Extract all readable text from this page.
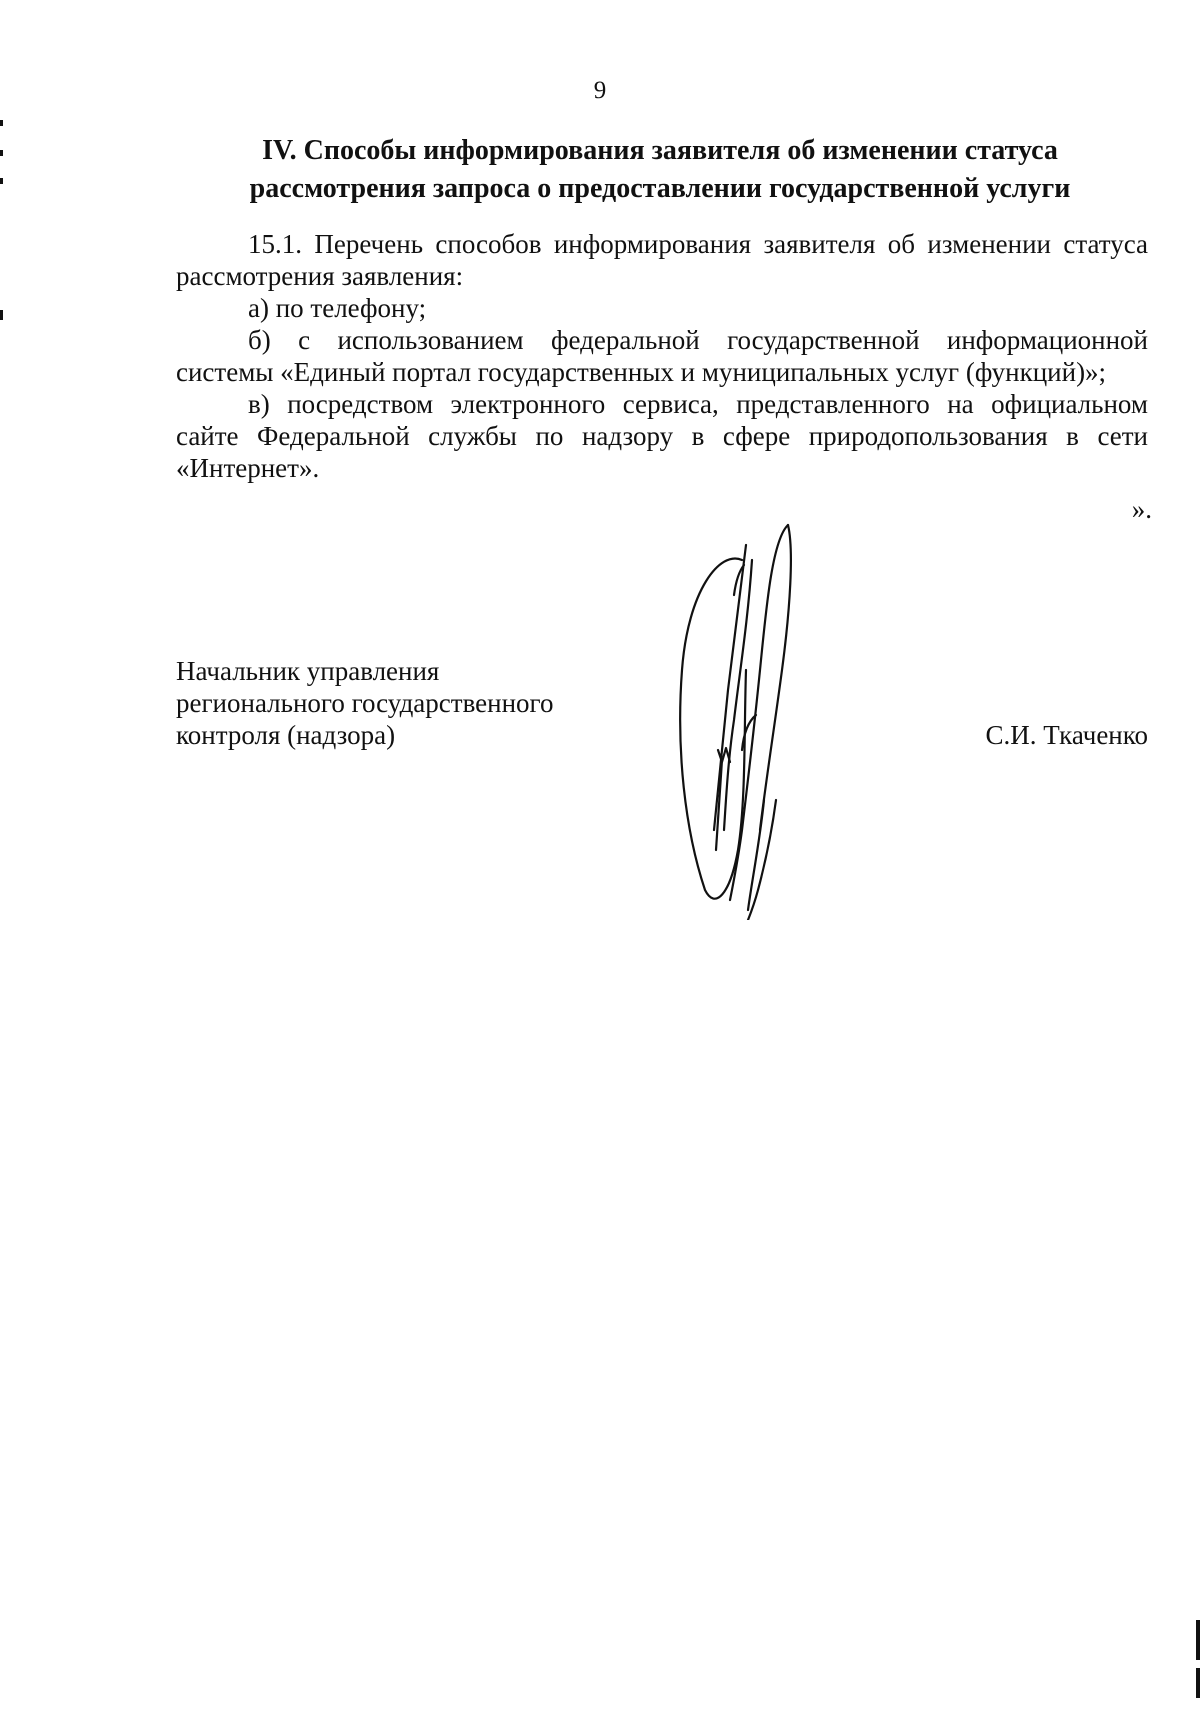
9
IV. Способы информирования заявителя об изменении статуса
рассмотрения запроса о предоставлении государственной услуги

15.1. Перечень способов информирования заявителя об изменении статуса рассмотрения заявления:

а) по телефону;

б) с использованием федеральной государственной информационной системы «Единый портал государственных и муниципальных услуг (функций)»;

в) посредством электронного сервиса, представленного на официальном сайте Федеральной службы по надзору в сфере природопользования в сети «Интернет».

».
Начальник управления
регионального государственного
контроля (надзора)	С.И. Ткаченко
